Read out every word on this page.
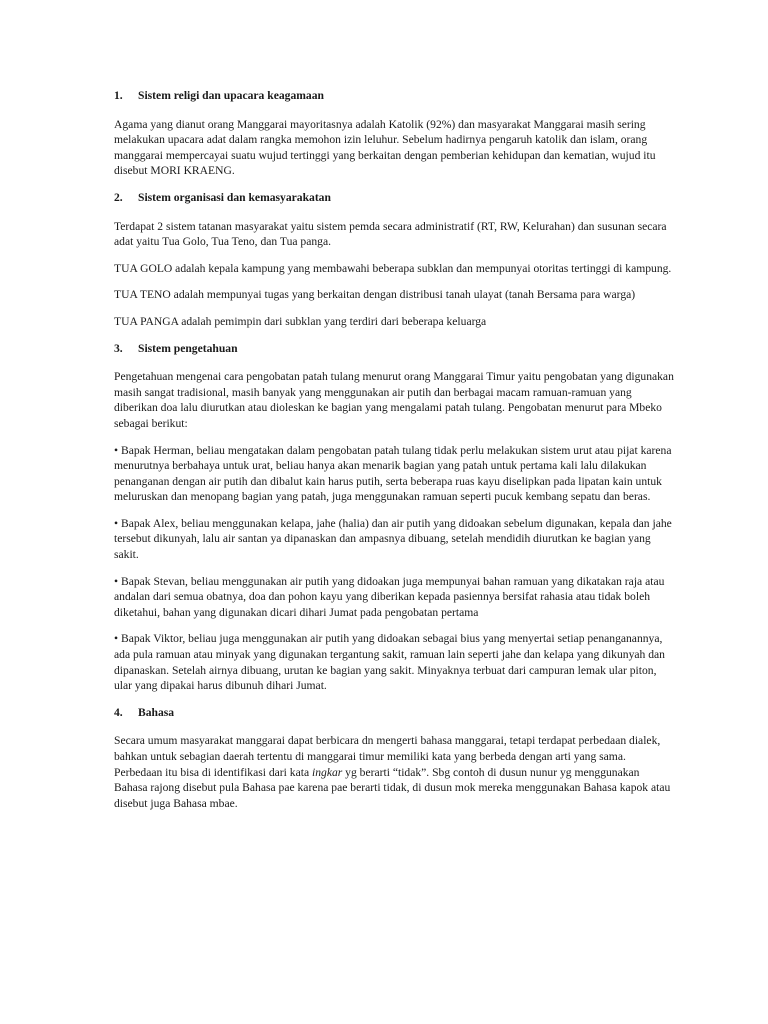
1.	Sistem religi dan upacara keagamaan

Agama yang dianut orang Manggarai mayoritasnya adalah Katolik (92%) dan masyarakat Manggarai masih sering melakukan upacara adat dalam rangka memohon izin leluhur. Sebelum hadirnya pengaruh katolik dan islam, orang manggarai mempercayai suatu wujud tertinggi yang berkaitan dengan pemberian kehidupan dan kematian, wujud itu disebut MORI KRAENG.

2.	Sistem organisasi dan kemasyarakatan

Terdapat 2 sistem tatanan masyarakat yaitu sistem pemda secara administratif (RT, RW, Kelurahan) dan susunan secara adat yaitu Tua Golo, Tua Teno, dan Tua panga.

TUA GOLO adalah kepala kampung yang membawahi beberapa subklan dan mempunyai otoritas tertinggi di kampung.

TUA TENO adalah mempunyai tugas yang berkaitan dengan distribusi tanah ulayat (tanah Bersama para warga)

TUA PANGA adalah pemimpin dari subklan yang terdiri dari beberapa keluarga

3.	Sistem pengetahuan

Pengetahuan mengenai cara pengobatan patah tulang menurut orang Manggarai Timur yaitu pengobatan yang digunakan masih sangat tradisional, masih banyak yang menggunakan air putih dan berbagai macam ramuan-ramuan yang diberikan doa lalu diurutkan atau dioleskan ke bagian yang mengalami patah tulang. Pengobatan menurut para Mbeko sebagai berikut:

• Bapak Herman, beliau mengatakan dalam pengobatan patah tulang tidak perlu melakukan sistem urut atau pijat karena menurutnya berbahaya untuk urat, beliau hanya akan menarik bagian yang patah untuk pertama kali lalu dilakukan penanganan dengan air putih dan dibalut kain harus putih, serta beberapa ruas kayu diselipkan pada lipatan kain untuk meluruskan dan menopang bagian yang patah, juga menggunakan ramuan seperti pucuk kembang sepatu dan beras.

• Bapak Alex, beliau menggunakan kelapa, jahe (halia) dan air putih yang didoakan sebelum digunakan, kepala dan jahe tersebut dikunyah, lalu air santan ya dipanaskan dan ampasnya dibuang, setelah mendidih diurutkan ke bagian yang sakit.

• Bapak Stevan, beliau menggunakan air putih yang didoakan juga mempunyai bahan ramuan yang dikatakan raja atau andalan dari semua obatnya, doa dan pohon kayu yang diberikan kepada pasiennya bersifat rahasia atau tidak boleh diketahui, bahan yang digunakan dicari dihari Jumat pada pengobatan pertama

• Bapak Viktor, beliau juga menggunakan air putih yang didoakan sebagai bius yang menyertai setiap penanganannya, ada pula ramuan atau minyak yang digunakan tergantung sakit, ramuan lain seperti jahe dan kelapa yang dikunyah dan dipanaskan. Setelah airnya dibuang, urutan ke bagian yang sakit. Minyaknya terbuat dari campuran lemak ular piton, ular yang dipakai harus dibunuh dihari Jumat.

4.	Bahasa

Secara umum masyarakat manggarai dapat berbicara dn mengerti bahasa manggarai, tetapi terdapat perbedaan dialek, bahkan untuk sebagian daerah tertentu di manggarai timur memiliki kata yang berbeda dengan arti yang sama. Perbedaan itu bisa di identifikasi dari kata ingkar yg berarti “tidak”. Sbg contoh di dusun nunur yg menggunakan Bahasa rajong disebut pula Bahasa pae karena pae berarti tidak, di dusun mok mereka menggunakan Bahasa kapok atau disebut juga Bahasa mbae.
